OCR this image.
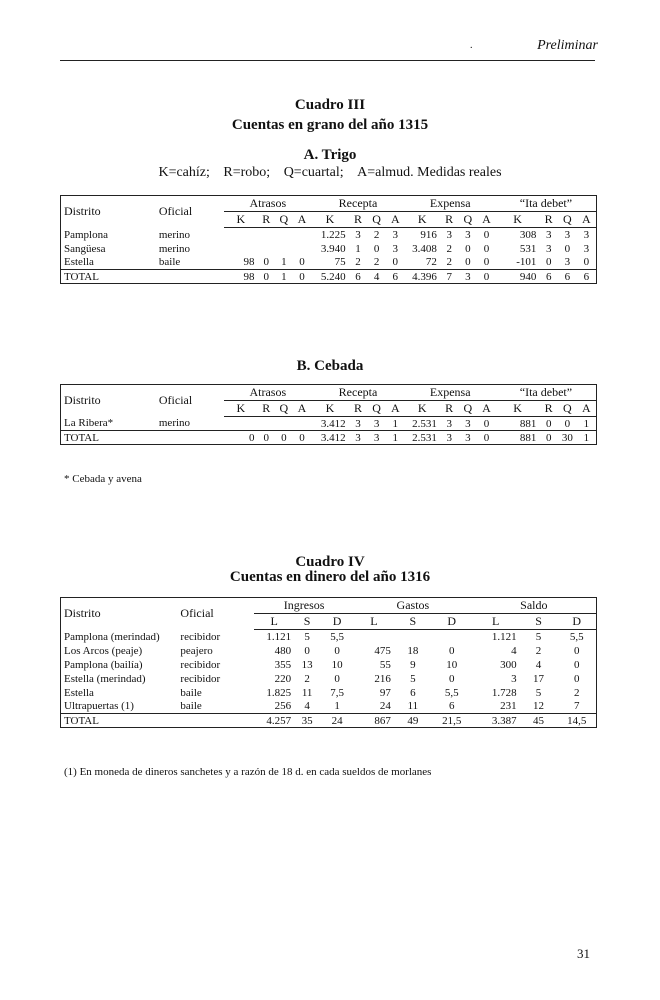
.	Preliminar
Cuadro III
Cuentas en grano del año 1315
A. Trigo
K=cahíz; R=robo; Q=cuartal; A=almud. Medidas reales
Distrito	Oficial	Atrasos				Recepta				Expensa				“Ita debet”			
		K	R	Q	A	K	R	Q	A	K	R	Q	A	K	R	Q	A
Pamplona	merino					1.225	3	2	3	916	3	3	0	308	3	3	3
Sangüesa	merino					3.940	1	0	3	3.408	2	0	0	531	3	0	3
Estella	baile	98	0	1	0	75	2	2	0	72	2	0	0	-101	0	3	0
TOTAL		98	0	1	0	5.240	6	4	6	4.396	7	3	0	940	6	6	6
B. Cebada
Distrito	Oficial	Atrasos				Recepta				Expensa				“Ita debet”			
		K	R	Q	A	K	R	Q	A	K	R	Q	A	K	R	Q	A
La Ribera*	merino					3.412	3	3	1	2.531	3	3	0	881	0	0	1
TOTAL		0	0	0	0	3.412	3	3	1	2.531	3	3	0	881	0	30	1
* Cebada y avena
Cuadro IV
Cuentas en dinero del año 1316
Distrito	Oficial	Ingresos			Gastos			Saldo		
		L	S	D	L	S	D	L	S	D
Pamplona (merindad)	recibidor	1.121	5	5,5				1.121	5	5,5
Los Arcos (peaje)	peajero	480	0	0	475	18	0	4	2	0
Pamplona (bailía)	recibidor	355	13	10	55	9	10	300	4	0
Estella (merindad)	recibidor	220	2	0	216	5	0	3	17	0
Estella	baile	1.825	11	7,5	97	6	5,5	1.728	5	2
Ultrapuertas (1)	baile	256	4	1	24	11	6	231	12	7
TOTAL		4.257	35	24	867	49	21,5	3.387	45	14,5
(1) En moneda de dineros sanchetes y a razón de 18 d. en cada sueldos de morlanes
31
